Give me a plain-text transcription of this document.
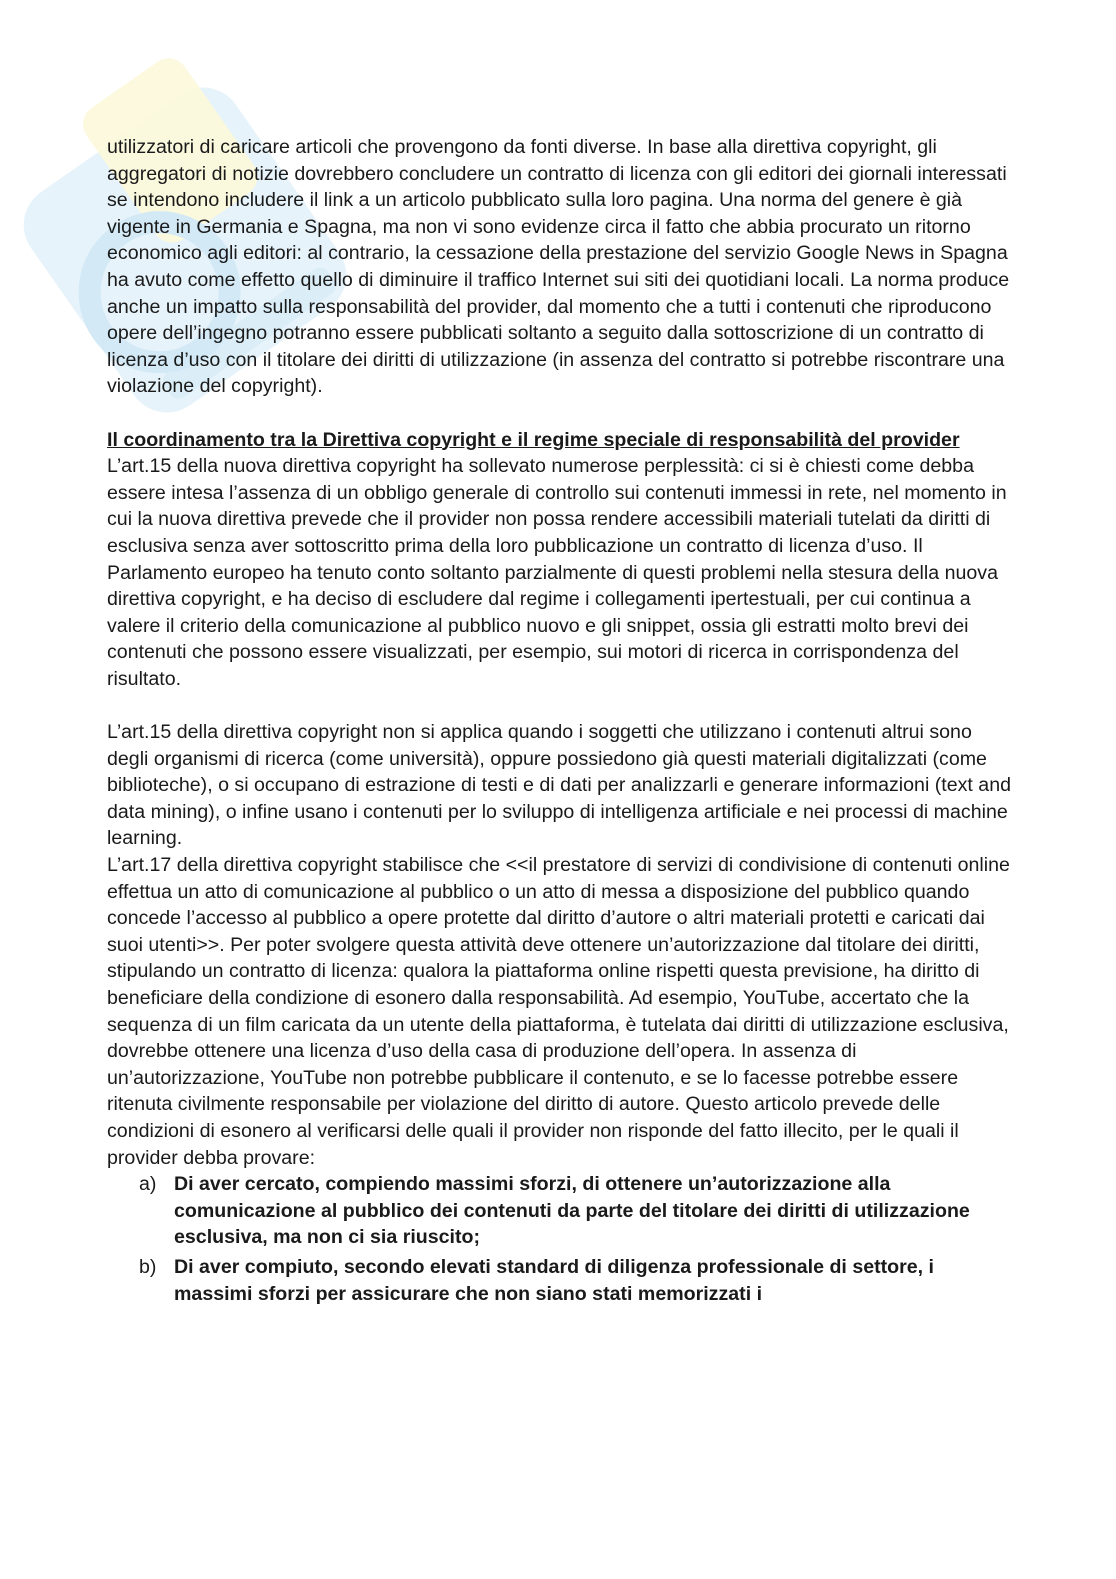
utilizzatori di caricare articoli che provengono da fonti diverse. In base alla direttiva copyright, gli aggregatori di notizie dovrebbero concludere un contratto di licenza con gli editori dei giornali interessati se intendono includere il link a un articolo pubblicato sulla loro pagina. Una norma del genere è già vigente in Germania e Spagna, ma non vi sono evidenze circa il fatto che abbia procurato un ritorno economico agli editori: al contrario, la cessazione della prestazione del servizio Google News in Spagna ha avuto come effetto quello di diminuire il traffico Internet sui siti dei quotidiani locali. La norma produce anche un impatto sulla responsabilità del provider, dal momento che a tutti i contenuti che riproducono opere dell’ingegno potranno essere pubblicati soltanto a seguito dalla sottoscrizione di un contratto di licenza d’uso con il titolare dei diritti di utilizzazione (in assenza del contratto si potrebbe riscontrare una violazione del copyright).

Il coordinamento tra la Direttiva copyright e il regime speciale di responsabilità del provider

L’art.15 della nuova direttiva copyright ha sollevato numerose perplessità: ci si è chiesti come debba essere intesa l’assenza di un obbligo generale di controllo sui contenuti immessi in rete, nel momento in cui la nuova direttiva prevede che il provider non possa rendere accessibili materiali tutelati da diritti di esclusiva senza aver sottoscritto prima della loro pubblicazione un contratto di licenza d’uso. Il Parlamento europeo ha tenuto conto soltanto parzialmente di questi problemi nella stesura della nuova direttiva copyright, e ha deciso di escludere dal regime i collegamenti ipertestuali, per cui continua a valere il criterio della comunicazione al pubblico nuovo e gli snippet, ossia gli estratti molto brevi dei contenuti che possono essere visualizzati, per esempio, sui motori di ricerca in corrispondenza del risultato.

L’art.15 della direttiva copyright non si applica quando i soggetti che utilizzano i contenuti altrui sono degli organismi di ricerca (come università), oppure possiedono già questi materiali digitalizzati (come biblioteche), o si occupano di estrazione di testi e di dati per analizzarli e generare informazioni (text and data mining), o infine usano i contenuti per lo sviluppo di intelligenza artificiale e nei processi di machine learning.

L’art.17 della direttiva copyright stabilisce che <<il prestatore di servizi di condivisione di contenuti online effettua un atto di comunicazione al pubblico o un atto di messa a disposizione del pubblico quando concede l’accesso al pubblico a opere protette dal diritto d’autore o altri materiali protetti e caricati dai suoi utenti>>. Per poter svolgere questa attività deve ottenere un’autorizzazione dal titolare dei diritti, stipulando un contratto di licenza: qualora la piattaforma online rispetti questa previsione, ha diritto di beneficiare della condizione di esonero dalla responsabilità. Ad esempio, YouTube, accertato che la sequenza di un film caricata da un utente della piattaforma, è tutelata dai diritti di utilizzazione esclusiva, dovrebbe ottenere una licenza d’uso della casa di produzione dell’opera. In assenza di un’autorizzazione, YouTube non potrebbe pubblicare il contenuto, e se lo facesse potrebbe essere ritenuta civilmente responsabile per violazione del diritto di autore. Questo articolo prevede delle condizioni di esonero al verificarsi delle quali il provider non risponde del fatto illecito, per le quali il provider debba provare:

a) Di aver cercato, compiendo massimi sforzi, di ottenere un’autorizzazione alla comunicazione al pubblico dei contenuti da parte del titolare dei diritti di utilizzazione esclusiva, ma non ci sia riuscito;
b) Di aver compiuto, secondo elevati standard di diligenza professionale di settore, i massimi sforzi per assicurare che non siano stati memorizzati i
